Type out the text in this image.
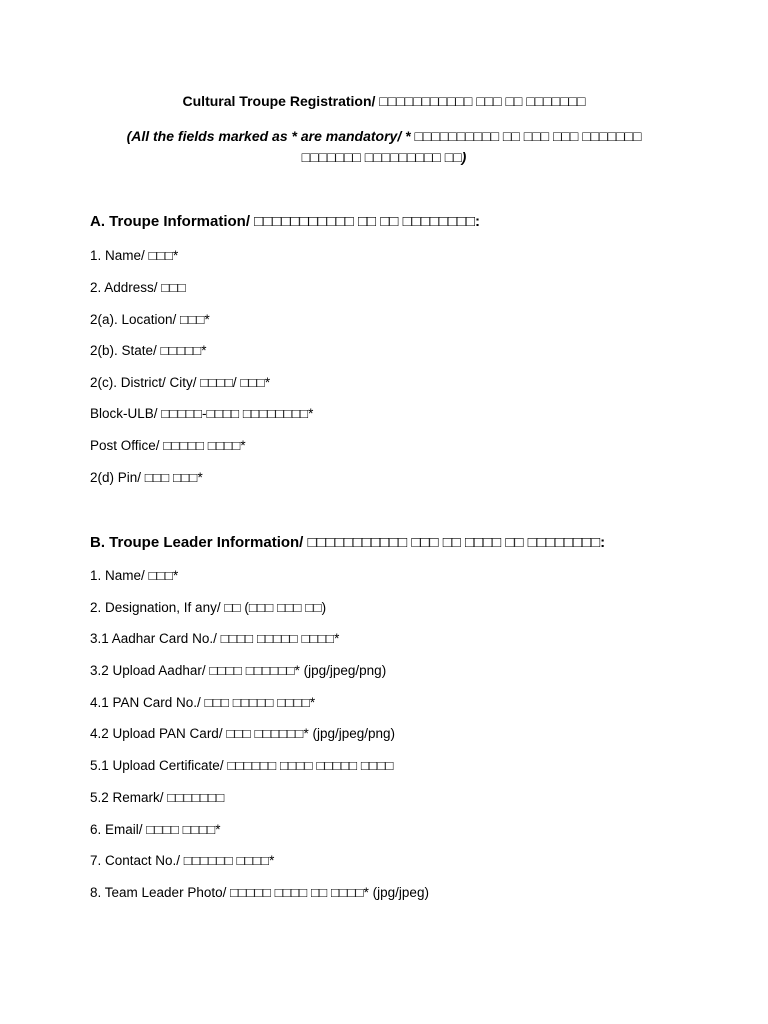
Cultural Troupe Registration/ □□□□□□□□□□□ □□□ □□ □□□□□□□
(All the fields marked as * are mandatory/ * □□□□□□□□□□ □□ □□□ □□□ □□□□□□□ □□□□□□□ □□□□□□□□□ □□)
A. Troupe Information/ □□□□□□□□□□□ □□ □□ □□□□□□□□:
1. Name/ □□□*
2. Address/ □□□
2(a). Location/ □□□*
2(b). State/ □□□□□*
2(c). District/ City/ □□□□/ □□□*
Block-ULB/ □□□□□-□□□□ □□□□□□□□*
Post Office/ □□□□□ □□□□*
2(d) Pin/ □□□ □□□*
B. Troupe Leader Information/ □□□□□□□□□□□ □□□ □□ □□□□ □□ □□□□□□□□:
1. Name/ □□□*
2. Designation, If any/ □□ (□□□ □□□ □□)
3.1 Aadhar Card No./ □□□□ □□□□□ □□□□*
3.2 Upload Aadhar/ □□□□ □□□□□□* (jpg/jpeg/png)
4.1 PAN Card No./ □□□ □□□□□ □□□□*
4.2 Upload PAN Card/ □□□ □□□□□□* (jpg/jpeg/png)
5.1 Upload Certificate/ □□□□□□ □□□□ □□□□□ □□□□
5.2 Remark/ □□□□□□□
6. Email/ □□□□ □□□□*
7. Contact No./ □□□□□□ □□□□*
8. Team Leader Photo/ □□□□□ □□□□ □□ □□□□* (jpg/jpeg)
